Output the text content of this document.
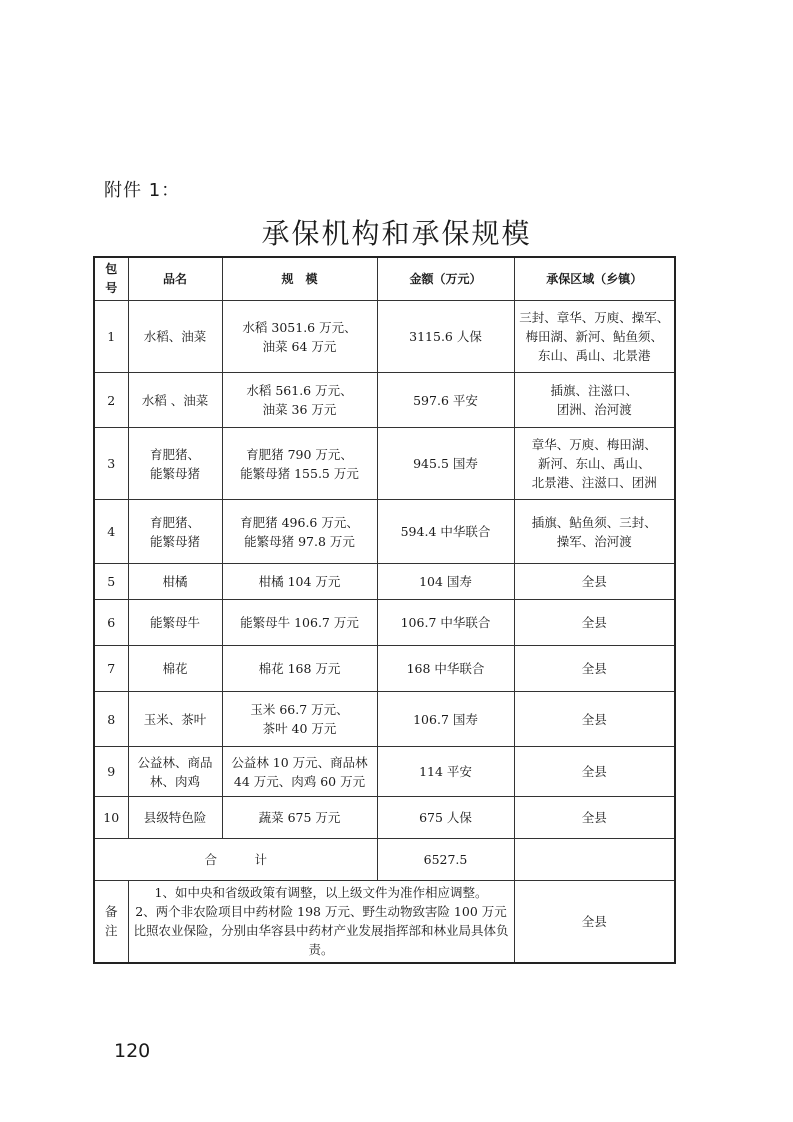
附件 1：
承保机构和承保规模
包
号	品名	规　模	金额（万元）	承保区域（乡镇）
1	水稻、油菜	水稻 3051.6 万元、
油菜 64 万元	3115.6 人保	三封、章华、万庾、操军、
梅田湖、新河、鲇鱼须、
东山、禹山、北景港
2	水稻 、油菜	水稻 561.6 万元、
油菜 36 万元	597.6 平安	插旗、注滋口、
团洲、治河渡
3	育肥猪、
能繁母猪	育肥猪 790 万元、
能繁母猪 155.5 万元	945.5 国寿	章华、万庾、梅田湖、
新河、东山、禹山、
北景港、注滋口、团洲
4	育肥猪、
能繁母猪	育肥猪 496.6 万元、
能繁母猪 97.8 万元	594.4 中华联合	插旗、鲇鱼须、三封、
操军、治河渡
5	柑橘	柑橘 104 万元	104 国寿	全县
6	能繁母牛	能繁母牛 106.7 万元	106.7 中华联合	全县
7	棉花	棉花 168 万元	168 中华联合	全县
8	玉米、茶叶	玉米 66.7 万元、
茶叶 40 万元	106.7 国寿	全县
9	公益林、商品
林、肉鸡	公益林 10 万元、商品林
44 万元、肉鸡 60 万元	114 平安	全县
10	县级特色险	蔬菜 675 万元	675 人保	全县
合　　　计			6527.5	
备
注	1、如中央和省级政策有调整，以上级文件为准作相应调整。
2、两个非农险项目中药材险 198 万元、野生动物致害险 100 万元比照农业保险，分别由华容县中药材产业发展指挥部和林业局具体负责。			全县
120
